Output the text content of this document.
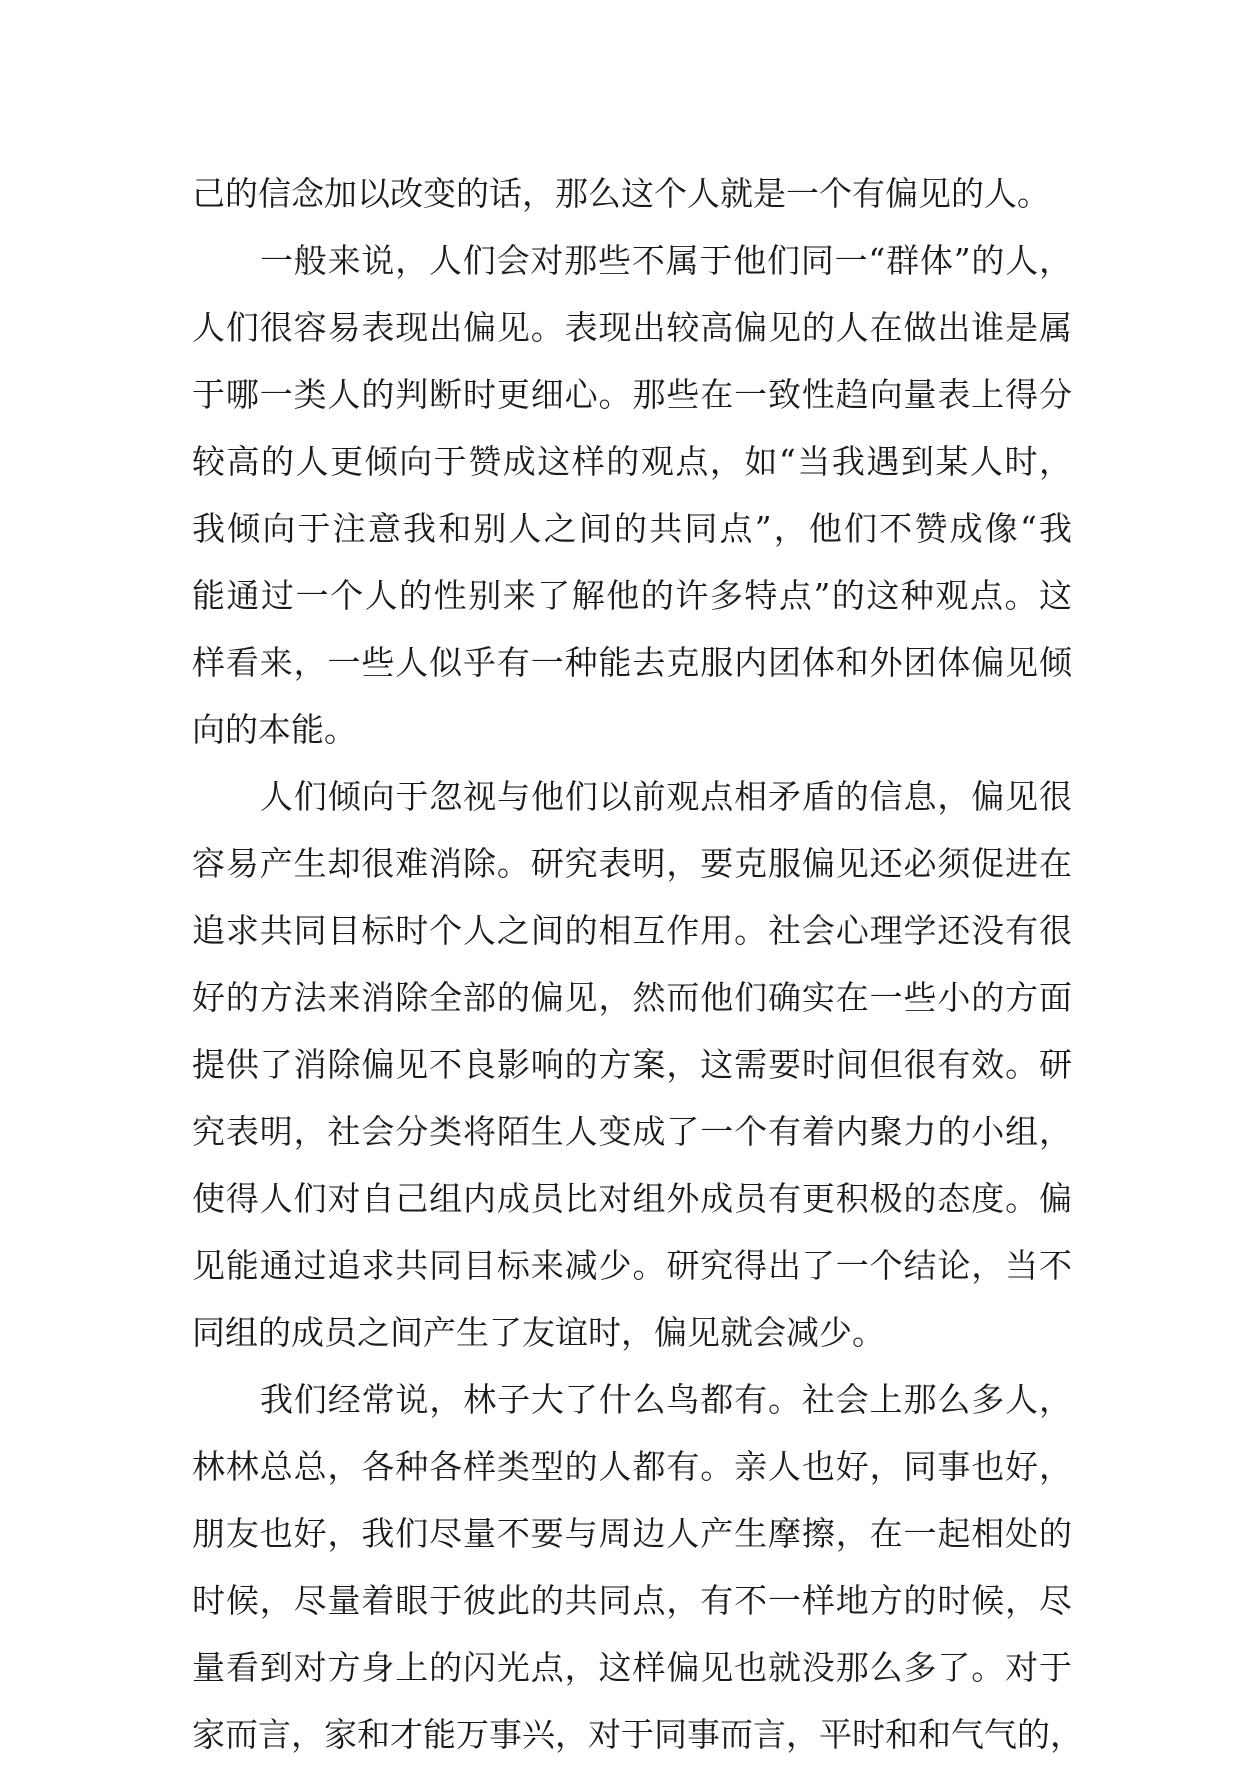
己的信念加以改变的话，那么这个人就是一个有偏见的人。
一般来说，人们会对那些不属于他们同一“群体”的人，
人们很容易表现出偏见。表现出较高偏见的人在做出谁是属
于哪一类人的判断时更细心。那些在一致性趋向量表上得分
较高的人更倾向于赞成这样的观点，如“当我遇到某人时，
我倾向于注意我和别人之间的共同点”，他们不赞成像“我
能通过一个人的性别来了解他的许多特点”的这种观点。这
样看来，一些人似乎有一种能去克服内团体和外团体偏见倾
向的本能。
人们倾向于忽视与他们以前观点相矛盾的信息，偏见很
容易产生却很难消除。研究表明，要克服偏见还必须促进在
追求共同目标时个人之间的相互作用。社会心理学还没有很
好的方法来消除全部的偏见，然而他们确实在一些小的方面
提供了消除偏见不良影响的方案，这需要时间但很有效。研
究表明，社会分类将陌生人变成了一个有着内聚力的小组，
使得人们对自己组内成员比对组外成员有更积极的态度。偏
见能通过追求共同目标来减少。研究得出了一个结论，当不
同组的成员之间产生了友谊时，偏见就会减少。
我们经常说，林子大了什么鸟都有。社会上那么多人，
林林总总，各种各样类型的人都有。亲人也好，同事也好，
朋友也好，我们尽量不要与周边人产生摩擦，在一起相处的
时候，尽量着眼于彼此的共同点，有不一样地方的时候，尽
量看到对方身上的闪光点，这样偏见也就没那么多了。对于
家而言，家和才能万事兴，对于同事而言，平时和和气气的，
